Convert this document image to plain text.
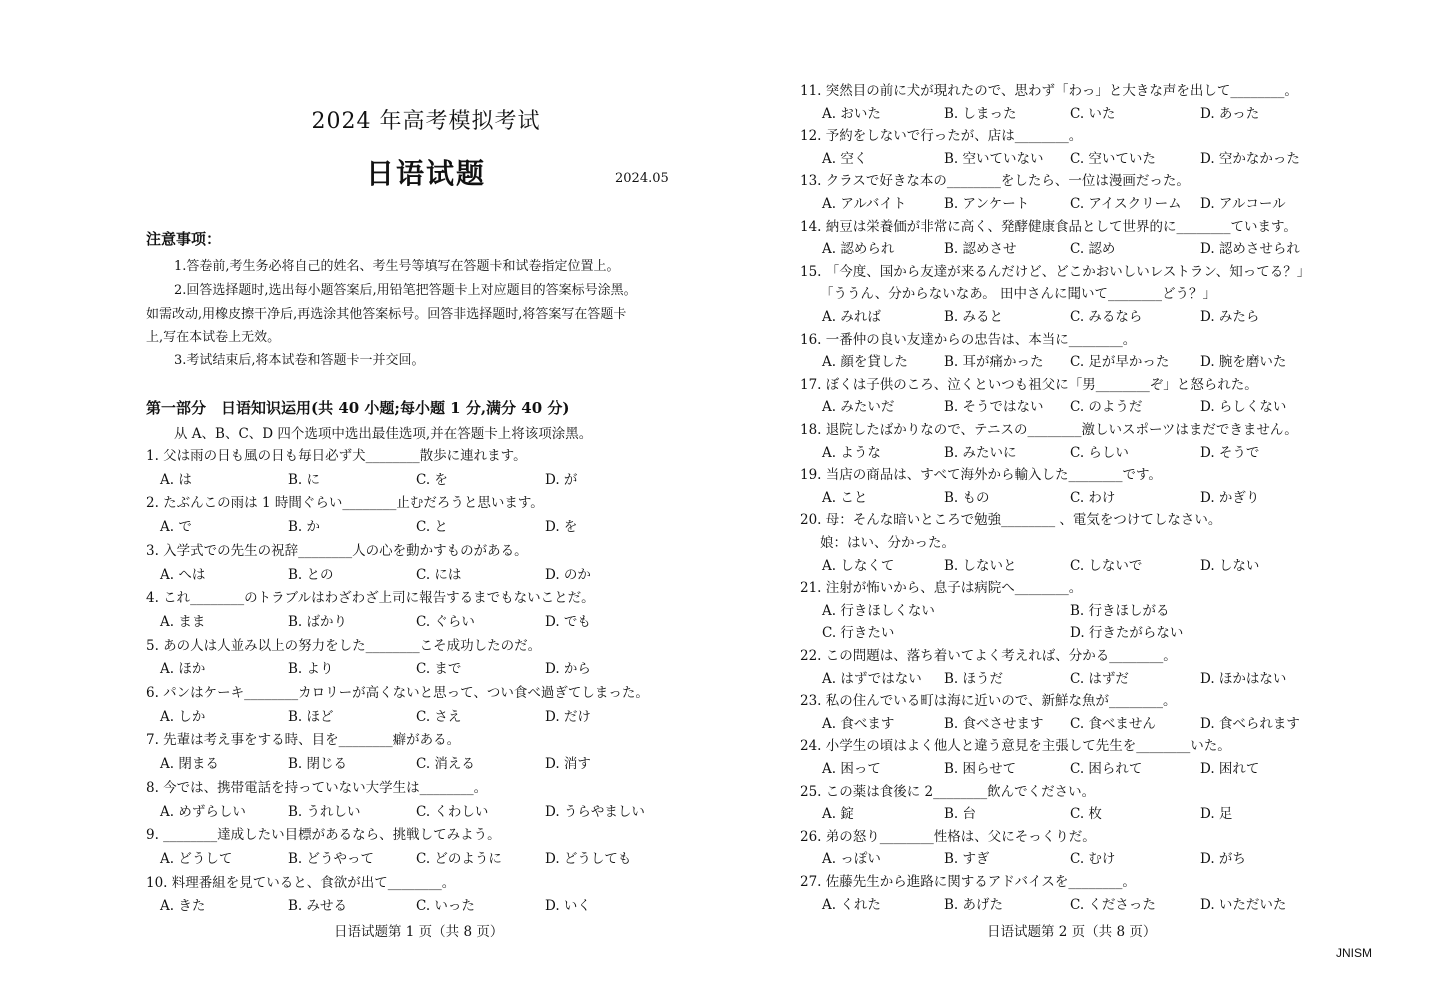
2024 年高考模拟考试
日语试题	2024.05
注意事项：
1.答卷前,考生务必将自己的姓名、考生号等填写在答题卡和试卷指定位置上。
2.回答选择题时,选出每小题答案后,用铅笔把答题卡上对应题目的答案标号涂黑。
如需改动,用橡皮擦干净后,再选涂其他答案标号。回答非选择题时,将答案写在答题卡
上,写在本试卷上无效。
3.考试结束后,将本试卷和答题卡一并交回。
第一部分　日语知识运用(共 40 小题;每小题 1 分,满分 40 分)
从 A、B、C、D 四个选项中选出最佳选项,并在答题卡上将该项涂黑。
1. 父は雨の日も風の日も毎日必ず犬________散歩に連れます。
A. は	B. に	C. を	D. が
2. たぶんこの雨は 1 時間ぐらい________止むだろうと思います。
A. で	B. か	C. と	D. を
3. 入学式での先生の祝辞________人の心を動かすものがある。
A. へは	B. との	C. には	D. のか
4. これ________のトラブルはわざわざ上司に報告するまでもないことだ。
A. まま	B. ばかり	C. ぐらい	D. でも
5. あの人は人並み以上の努力をした________こそ成功したのだ。
A. ほか	B. より	C. まで	D. から
6. パンはケーキ________カロリーが高くないと思って、つい食べ過ぎてしまった。
A. しか	B. ほど	C. さえ	D. だけ
7. 先輩は考え事をする時、目を________癖がある。
A. 閉まる	B. 閉じる	C. 消える	D. 消す
8. 今では、携帯電話を持っていない大学生は________。
A. めずらしい	B. うれしい	C. くわしい	D. うらやましい
9. ________達成したい目標があるなら、挑戦してみよう。
A. どうして	B. どうやって	C. どのように	D. どうしても
10. 料理番組を見ていると、食欲が出て________。
A. きた	B. みせる	C. いった	D. いく
日语试题第 1 页（共 8 页）
11. 突然目の前に犬が現れたので、思わず「わっ」と大きな声を出して________。
A. おいた	B. しまった	C. いた	D. あった
12. 予約をしないで行ったが、店は________。
A. 空く	B. 空いていない C. 空いていた	D. 空かなかった
13. クラスで好きな本の________をしたら、一位は漫画だった。
A. アルバイト	B. アンケート	C. アイスクリーム D. アルコール
14. 納豆は栄養価が非常に高く、発酵健康食品として世界的に________ています。
A. 認められ	B. 認めさせ	C. 認め	D. 認めさせられ
15. 「今度、国から友達が来るんだけど、どこかおいしいレストラン、知ってる？」
「ううん、分からないなあ。 田中さんに聞いて________どう？」
A. みれば	B. みると	C. みるなら	D. みたら
16. 一番仲の良い友達からの忠告は、本当に________。
A. 顔を貸した	B. 耳が痛かった C. 足が早かった D. 腕を磨いた
17. ぼくは子供のころ、泣くといつも祖父に「男________ぞ」と怒られた。
A. みたいだ	B. そうではない C. のようだ	D. らしくない
18. 退院したばかりなので、テニスの________激しいスポーツはまだできません。
A. ような	B. みたいに	C. らしい	D. そうで
19. 当店の商品は、すべて海外から輸入した________です。
A. こと	B. もの	C. わけ	D. かぎり
20. 母：そんな暗いところで勉強________ 、電気をつけてしなさい。
娘：はい、分かった。
A. しなくて	B. しないと	C. しないで	D. しない
21. 注射が怖いから、息子は病院へ________。
A. 行きほしくない	B. 行きほしがる
C. 行きたい	D. 行きたがらない
22. この問題は、落ち着いてよく考えれば、分かる________。
A. はずではない B. ほうだ	C. はずだ	D. ほかはない
23. 私の住んでいる町は海に近いので、新鮮な魚が________。
A. 食べます	B. 食べさせます C. 食べません	D. 食べられます
24. 小学生の頃はよく他人と違う意見を主張して先生を________いた。
A. 困って	B. 困らせて	C. 困られて	D. 困れて
25. この薬は食後に 2________飲んでください。
A. 錠	B. 台	C. 枚	D. 足
26. 弟の怒り________性格は、父にそっくりだ。
A. っぽい	B. すぎ	C. むけ	D. がち
27. 佐藤先生から進路に関するアドバイスを________。
A. くれた	B. あげた	C. くださった	D. いただいた
日语试题第 2 页（共 8 页）
JNISM
